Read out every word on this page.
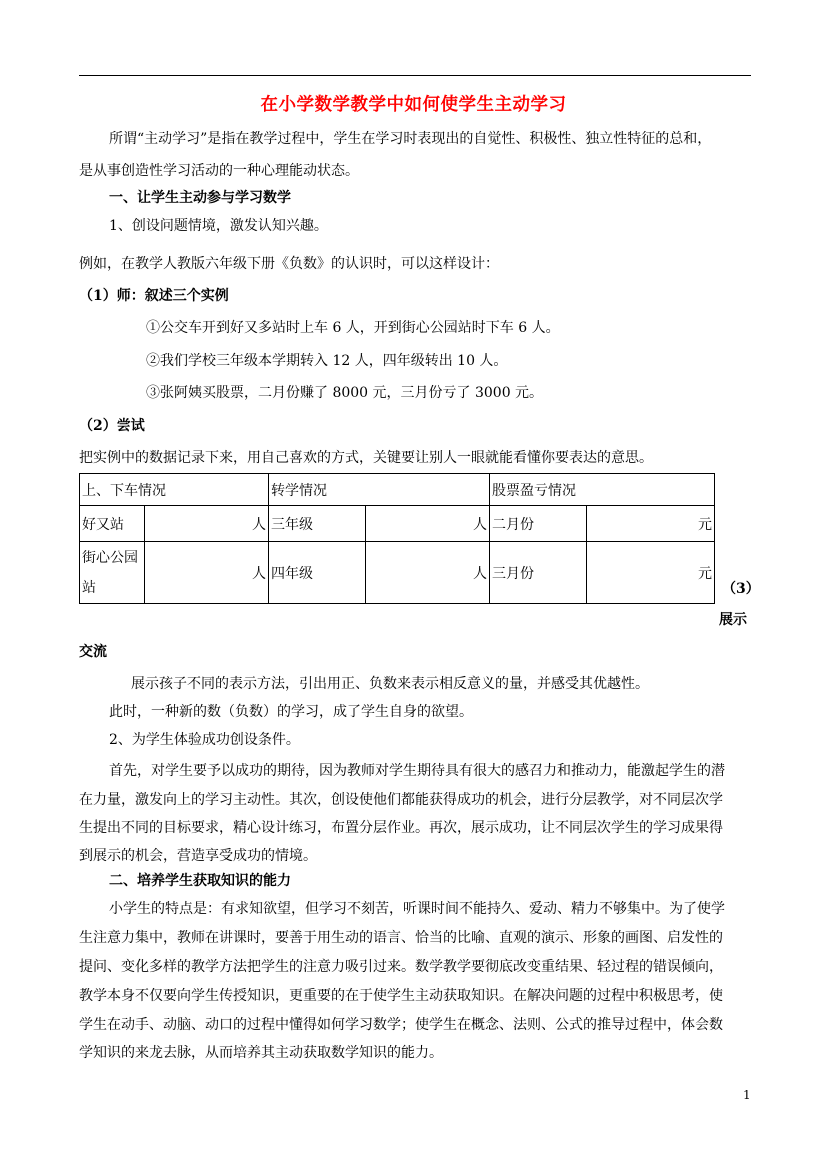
在小学数学教学中如何使学生主动学习
所谓“主动学习”是指在教学过程中，学生在学习时表现出的自觉性、积极性、独立性特征的总和，
是从事创造性学习活动的一种心理能动状态。
一、让学生主动参与学习数学
1、创设问题情境，激发认知兴趣。
例如，在教学人教版六年级下册《负数》的认识时，可以这样设计：
（1）师：叙述三个实例
①公交车开到好又多站时上车 6 人，开到街心公园站时下车 6 人。
②我们学校三年级本学期转入 12 人，四年级转出 10 人。
③张阿姨买股票，二月份赚了 8000 元，三月份亏了 3000 元。
（2）尝试
把实例中的数据记录下来，用自己喜欢的方式，关键要让别人一眼就能看懂你要表达的意思。
上、下车情况		转学情况		股票盈亏情况	
好又站	人	三年级	人	二月份	元
街心公园站	人	四年级	人	三月份	元
（3）
展示
交流
展示孩子不同的表示方法，引出用正、负数来表示相反意义的量，并感受其优越性。
此时，一种新的数（负数）的学习，成了学生自身的欲望。
2、为学生体验成功创设条件。
首先，对学生要予以成功的期待，因为教师对学生期待具有很大的感召力和推动力，能激起学生的潜
在力量，激发向上的学习主动性。其次，创设使他们都能获得成功的机会，进行分层教学，对不同层次学
生提出不同的目标要求，精心设计练习，布置分层作业。再次，展示成功，让不同层次学生的学习成果得
到展示的机会，营造享受成功的情境。
二、培养学生获取知识的能力
小学生的特点是：有求知欲望，但学习不刻苦，听课时间不能持久、爱动、精力不够集中。为了使学
生注意力集中，教师在讲课时，要善于用生动的语言、恰当的比喻、直观的演示、形象的画图、启发性的
提问、变化多样的教学方法把学生的注意力吸引过来。数学教学要彻底改变重结果、轻过程的错误倾向，
教学本身不仅要向学生传授知识，更重要的在于使学生主动获取知识。在解决问题的过程中积极思考，使
学生在动手、动脑、动口的过程中懂得如何学习数学；使学生在概念、法则、公式的推导过程中，体会数
学知识的来龙去脉，从而培养其主动获取数学知识的能力。
1
